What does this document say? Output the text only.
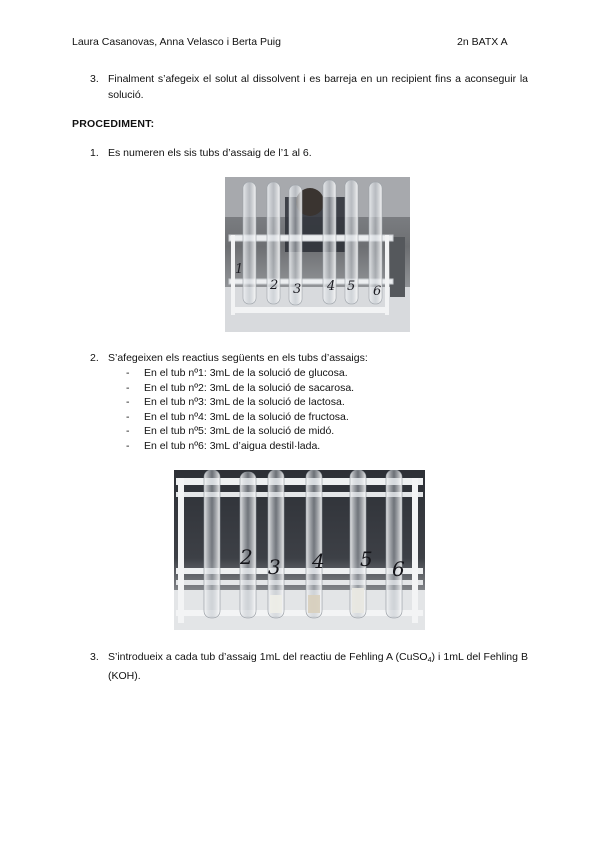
Laura Casanovas, Anna Velasco i Berta Puig	2n BATX A
3. Finalment s’afegeix el solut al dissolvent i es barreja en un recipient fins a aconseguir la solució.
PROCEDIMENT:
1. Es numeren els sis tubs d’assaig de l’1 al 6.
1
2 3 4 5 6
2. S’afegeixen els reactius següents en els tubs d’assaigs:
- En el tub nº1: 3mL de la solució de glucosa.
- En el tub nº2: 3mL de la solució de sacarosa.
- En el tub nº3: 3mL de la solució de lactosa.
- En el tub nº4: 3mL de la solució de fructosa.
- En el tub nº5: 3mL de la solució de midó.
- En el tub nº6: 3mL d’aigua destil·lada.
2 3 4 5 6
3. S’introdueix a cada tub d’assaig 1mL del reactiu de Fehling A (CuSO$_4$) i 1mL del Fehling B (KOH).
